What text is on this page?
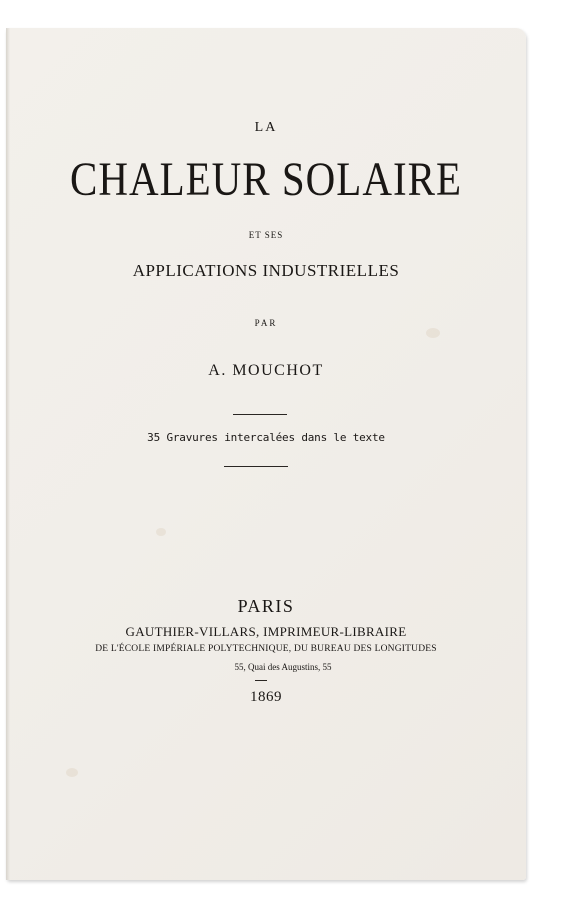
LA
CHALEUR SOLAIRE
ET SES
APPLICATIONS INDUSTRIELLES
PAR
A. MOUCHOT
35 Gravures intercalées dans le texte
PARIS
GAUTHIER-VILLARS, IMPRIMEUR-LIBRAIRE
DE L'ÉCOLE IMPÉRIALE POLYTECHNIQUE, DU BUREAU DES LONGITUDES
55, Quai des Augustins, 55
1869
